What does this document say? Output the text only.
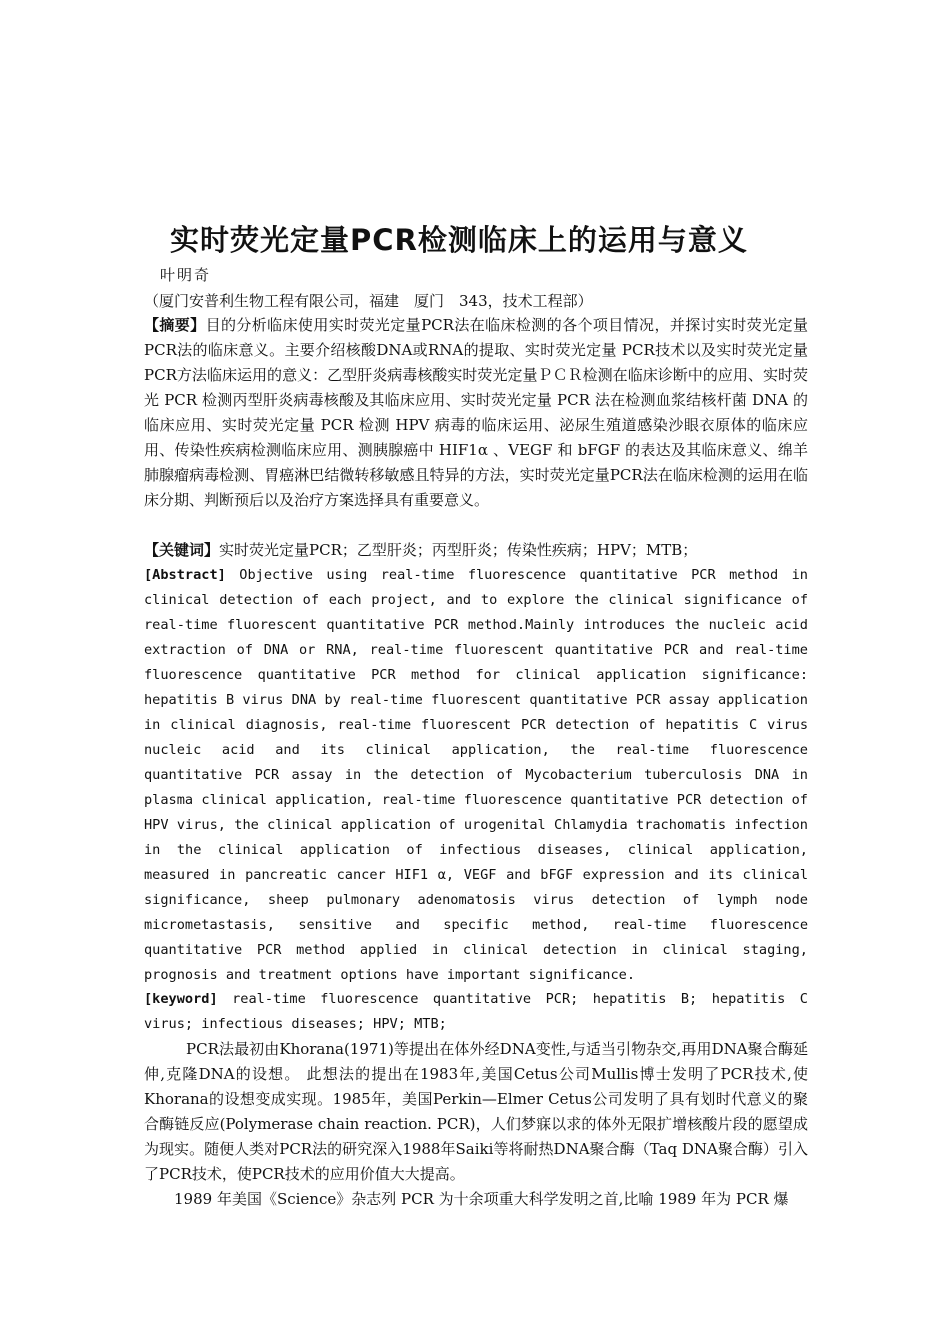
实时荧光定量PCR检测临床上的运用与意义
叶明奇
（厦门安普利生物工程有限公司，福建　厦门　343，技术工程部）
【摘要】目的分析临床使用实时荧光定量PCR法在临床检测的各个项目情况，并探讨实时荧光定量PCR法的临床意义。主要介绍核酸DNA或RNA的提取、实时荧光定量 PCR技术以及实时荧光定量PCR方法临床运用的意义：乙型肝炎病毒核酸实时荧光定量ＰＣＲ检测在临床诊断中的应用、实时荧光 PCR 检测丙型肝炎病毒核酸及其临床应用、实时荧光定量 PCR 法在检测血浆结核杆菌 DNA 的临床应用、实时荧光定量 PCR 检测 HPV 病毒的临床运用、泌尿生殖道感染沙眼衣原体的临床应用、传染性疾病检测临床应用、测胰腺癌中 HIF1α 、VEGF 和 bFGF 的表达及其临床意义、绵羊肺腺瘤病毒检测、胃癌淋巴结微转移敏感且特异的方法，实时荧光定量PCR法在临床检测的运用在临床分期、判断预后以及治疗方案选择具有重要意义。
【关键词】实时荧光定量PCR；乙型肝炎；丙型肝炎；传染性疾病；HPV；MTB；
[Abstract] Objective using real-time fluorescence quantitative PCR method in clinical detection of each project, and to explore the clinical significance of real-time fluorescent quantitative PCR method.Mainly introduces the nucleic acid extraction of DNA or RNA, real-time fluorescent quantitative PCR and real-time fluorescence quantitative PCR method for clinical application significance: hepatitis B virus DNA by real-time fluorescent quantitative PCR assay application in clinical diagnosis, real-time fluorescent PCR detection of hepatitis C virus nucleic acid and its clinical application, the real-time fluorescence quantitative PCR assay in the detection of Mycobacterium tuberculosis DNA in plasma clinical application, real-time fluorescence quantitative PCR detection of HPV virus, the clinical application of urogenital Chlamydia trachomatis infection in the clinical application of infectious diseases, clinical application, measured in pancreatic cancer HIF1 α, VEGF and bFGF expression and its clinical significance, sheep pulmonary adenomatosis virus detection of lymph node micrometastasis, sensitive and specific method, real-time fluorescence quantitative PCR method applied in clinical detection in clinical staging, prognosis and treatment options have important significance.
[keyword] real-time fluorescence quantitative PCR; hepatitis B; hepatitis C virus; infectious diseases; HPV; MTB;
PCR法最初由Khorana(1971)等提出在体外经DNA变性,与适当引物杂交,再用DNA聚合酶延伸,克隆DNA的设想。 此想法的提出在1983年,美国Cetus公司Mullis博士发明了PCR技术,使Khorana的设想变成实现。1985年，美国Perkin—Elmer Cetus公司发明了具有划时代意义的聚合酶链反应(Polymerase chain reaction. PCR)，人们梦寐以求的体外无限扩增核酸片段的愿望成为现实。随便人类对PCR法的研究深入1988年Saiki等将耐热DNA聚合酶（Taq DNA聚合酶）引入了PCR技术，使PCR技术的应用价值大大提高。
1989 年美国《Science》杂志列 PCR 为十余项重大科学发明之首,比喻 1989 年为 PCR 爆
